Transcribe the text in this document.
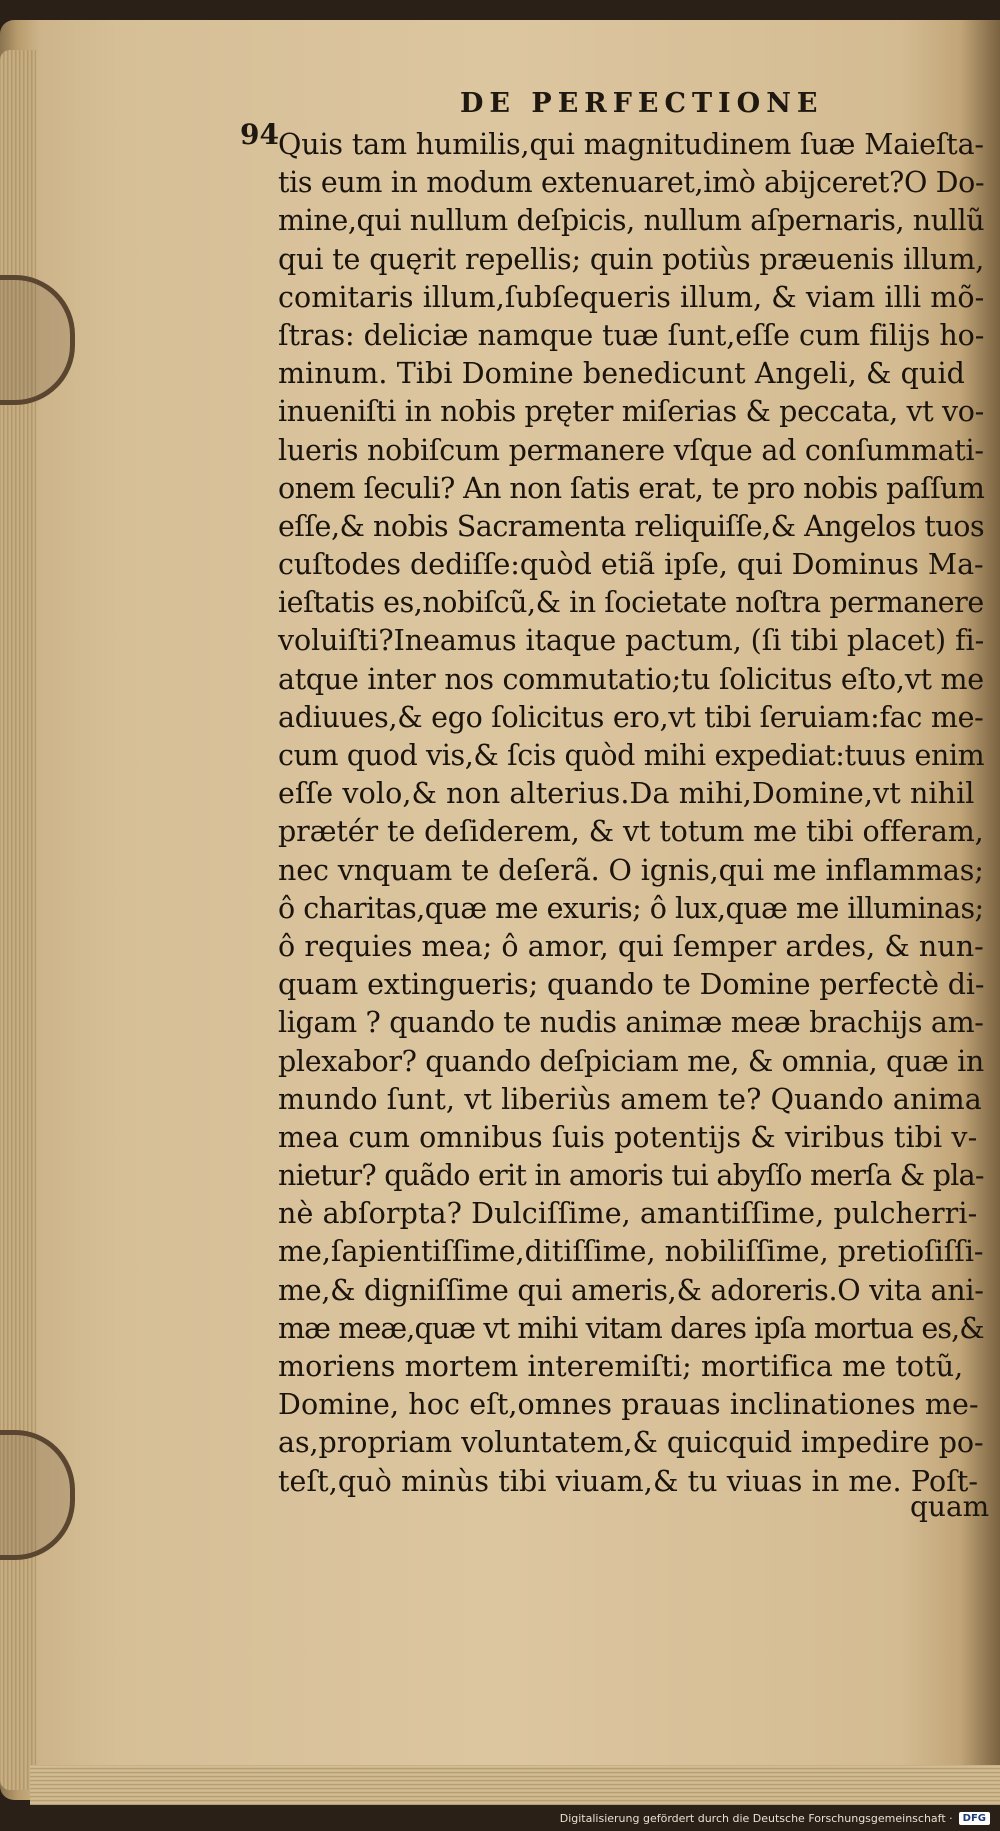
DE PERFECTIONE
94 Quis tam humilis,qui magnitudinem ſuæ Maieſta-
tis eum in modum extenuaret,imò abijceret?O Do-
mine,qui nullum deſpicis, nullum aſpernaris, nullũ
qui te quęrit repellis; quin potiùs præuenis illum,
comitaris illum,ſubſequeris illum, & viam illi mõ-
ſtras: deliciæ namque tuæ ſunt,eſſe cum filijs ho-
minum. Tibi Domine benedicunt Angeli, & quid
inueniſti in nobis pręter miſerias & peccata, vt vo-
lueris nobiſcum permanere vſque ad conſummati-
onem ſeculi? An non ſatis erat, te pro nobis paſſum
eſſe,& nobis Sacramenta reliquiſſe,& Angelos tuos
cuſtodes dediſſe:quòd etiã ipſe, qui Dominus Ma-
ieſtatis es,nobiſcũ,& in ſocietate noſtra permanere
voluiſti?Ineamus itaque pactum, (ſi tibi placet) fi-
atque inter nos commutatio;tu ſolicitus eſto,vt me
adiuues,& ego ſolicitus ero,vt tibi ſeruiam:fac me-
cum quod vis,& ſcis quòd mihi expediat:tuus enim
eſſe volo,& non alterius.Da mihi,Domine,vt nihil
prætér te deſiderem, & vt totum me tibi offeram,
nec vnquam te deſerã. O ignis,qui me inflammas;
ô charitas,quæ me exuris; ô lux,quæ me illuminas;
ô requies mea; ô amor, qui ſemper ardes, & nun-
quam extingueris; quando te Domine perfectè di-
ligam ? quando te nudis animæ meæ brachijs am-
plexabor? quando deſpiciam me, & omnia, quæ in
mundo ſunt, vt liberiùs amem te? Quando anima
mea cum omnibus ſuis potentijs & viribus tibi v-
nietur? quãdo erit in amoris tui abyſſo merſa & pla-
nè abſorpta? Dulciſſime, amantiſſime, pulcherri-
me,ſapientiſſime,ditiſſime, nobiliſſime, pretioſiſſi-
me,& digniſſime qui ameris,& adoreris.O vita ani-
mæ meæ,quæ vt mihi vitam dares ipſa mortua es,&
moriens mortem interemiſti; mortifica me totũ,
Domine, hoc eſt,omnes prauas inclinationes me-
as,propriam voluntatem,& quicquid impedire po-
teſt,quò minùs tibi viuam,& tu viuas in me. Poſt-
quam
Digitalisierung gefördert durch die Deutsche Forschungsgemeinschaft ·	DFG
